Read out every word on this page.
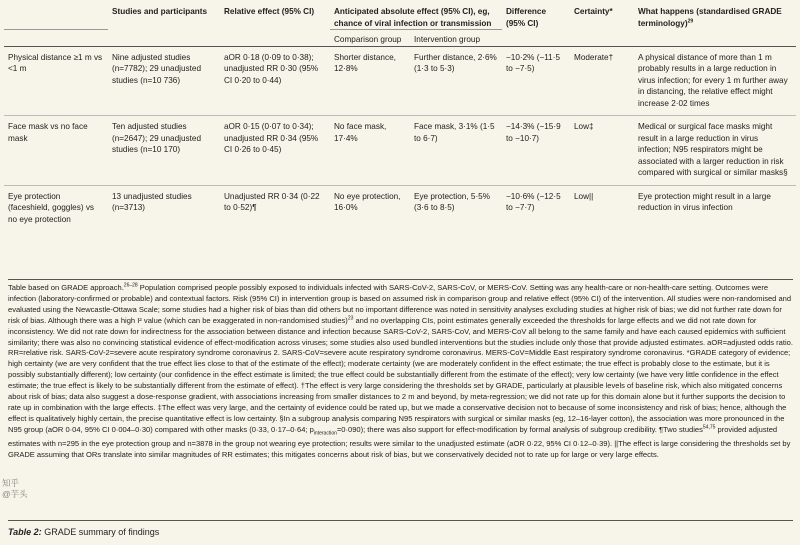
	Studies and participants	Relative effect (95% CI)	Anticipated absolute effect (95% CI), eg, chance of viral infection or transmission		Difference (95% CI)	Certainty*	What happens (standardised GRADE terminology)$^{29}$
			Comparison group	Intervention group			
Physical distance ≥1 m vs <1 m	Nine adjusted studies (n=7782); 29 unadjusted studies (n=10 736)	aOR 0·18 (0·09 to 0·38); unadjusted RR 0·30 (95% CI 0·20 to 0·44)	Shorter distance, 12·8%	Further distance, 2·6% (1·3 to 5·3)	−10·2% (−11·5 to −7·5)	Moderate†	A physical distance of more than 1 m probably results in a large reduction in virus infection; for every 1 m further away in distancing, the relative effect might increase 2·02 times
Face mask vs no face mask	Ten adjusted studies (n=2647); 29 unadjusted studies (n=10 170)	aOR 0·15 (0·07 to 0·34); unadjusted RR 0·34 (95% CI 0·26 to 0·45)	No face mask, 17·4%	Face mask, 3·1% (1·5 to 6·7)	−14·3% (−15·9 to −10·7)	Low‡	Medical or surgical face masks might result in a large reduction in virus infection; N95 respirators might be associated with a larger reduction in risk compared with surgical or similar masks§
Eye protection (faceshield, goggles) vs no eye protection	13 unadjusted studies (n=3713)	Unadjusted RR 0·34 (0·22 to 0·52)¶	No eye protection, 16·0%	Eye protection, 5·5% (3·6 to 8·5)	−10·6% (−12·5 to −7·7)	Low||	Eye protection might result in a large reduction in virus infection
Table based on GRADE approach.$^{26-28}$ Population comprised people possibly exposed to individuals infected with SARS-CoV-2, SARS-CoV, or MERS-CoV. Setting was any health-care or non-health-care setting. Outcomes were infection (laboratory-confirmed or probable) and contextual factors. Risk (95% CI) in intervention group is based on assumed risk in comparison group and relative effect (95% CI) of the intervention. All studies were non-randomised and evaluated using the Newcastle-Ottawa Scale; some studies had a higher risk of bias than did others but no important difference was noted in sensitivity analyses excluding studies at higher risk of bias; we did not further rate down for risk of bias. Although there was a high I² value (which can be exaggerated in non-randomised studies)$^{23}$ and no overlapping CIs, point estimates generally exceeded the thresholds for large effects and we did not rate down for inconsistency. We did not rate down for indirectness for the association between distance and infection because SARS-CoV-2, SARS-CoV, and MERS-CoV all belong to the same family and have each caused epidemics with sufficient similarity; there was also no convincing statistical evidence of effect-modification across viruses; some studies also used bundled interventions but the studies include only those that provide adjusted estimates. aOR=adjusted odds ratio. RR=relative risk. SARS-CoV-2=severe acute respiratory syndrome coronavirus 2. SARS-CoV=severe acute respiratory syndrome coronavirus. MERS-CoV=Middle East respiratory syndrome coronavirus. *GRADE category of evidence; high certainty (we are very confident that the true effect lies close to that of the estimate of the effect); moderate certainty (we are moderately confident in the effect estimate; the true effect is probably close to the estimate, but it is possibly substantially different); low certainty (our confidence in the effect estimate is limited; the true effect could be substantially different from the estimate of the effect); very low certainty (we have very little confidence in the effect estimate; the true effect is likely to be substantially different from the estimate of effect). †The effect is very large considering the thresholds set by GRADE, particularly at plausible levels of baseline risk, which also mitigated concerns about risk of bias; data also suggest a dose-response gradient, with associations increasing from smaller distances to 2 m and beyond, by meta-regression; we did not rate up for this domain alone but it further supports the decision to rate up in combination with the large effects. ‡The effect was very large, and the certainty of evidence could be rated up, but we made a conservative decision not to because of some inconsistency and risk of bias; hence, although the effect is qualitatively highly certain, the precise quantitative effect is low certainty. §In a subgroup analysis comparing N95 respirators with surgical or similar masks (eg, 12–16-layer cotton), the association was more pronounced in the N95 group (aOR 0·04, 95% CI 0·004–0·30) compared with other masks (0·33, 0·17–0·64; $p_{interaction}=0\cdot 090$); there was also support for effect-modification by formal analysis of subgroup credibility. ¶Two studies$^{54,75}$ provided adjusted estimates with n=295 in the eye protection group and n=3878 in the group not wearing eye protection; results were similar to the unadjusted estimate (aOR 0·22, 95% CI 0·12–0·39). ||The effect is large considering the thresholds set by GRADE assuming that ORs translate into similar magnitudes of RR estimates; this mitigates concerns about risk of bias, but we conservatively decided not to rate up for large or very large effects.
Table 2: GRADE summary of findings
知乎
@芋头
